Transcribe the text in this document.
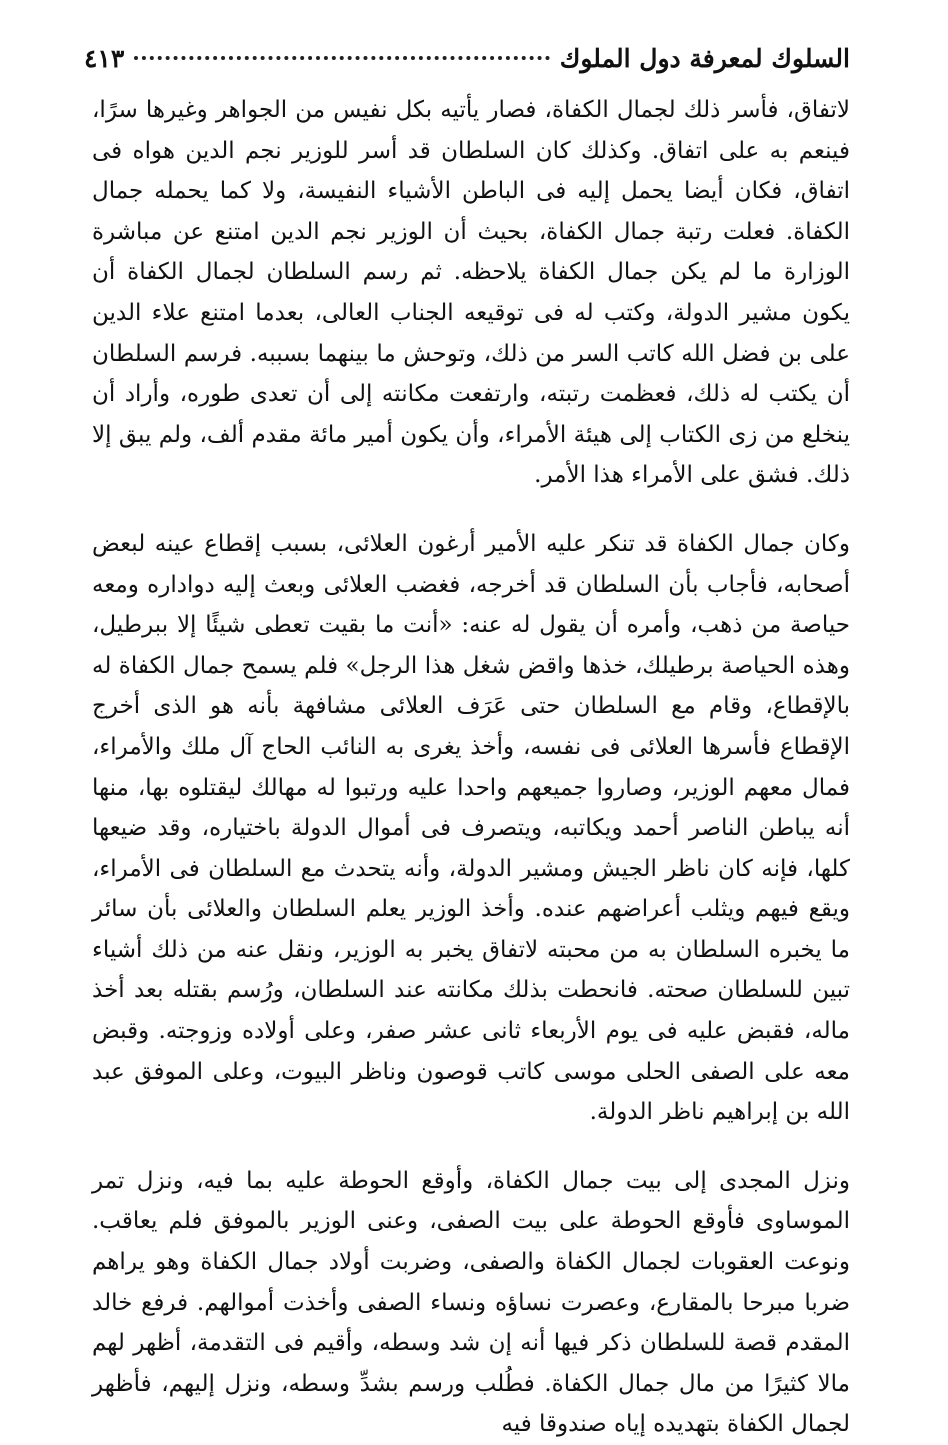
السلوك لمعرفة دول الملوك
٤١٣

لاتفاق، فأسر ذلك لجمال الكفاة، فصار يأتيه بكل نفيس من الجواهر وغيرها سرًا، فينعم به على اتفاق. وكذلك كان السلطان قد أسر للوزير نجم الدين هواه فى اتفاق، فكان أيضا يحمل إليه فى الباطن الأشياء النفيسة، ولا كما يحمله جمال الكفاة. فعلت رتبة جمال الكفاة، بحيث أن الوزير نجم الدين امتنع عن مباشرة الوزارة ما لم يكن جمال الكفاة يلاحظه. ثم رسم السلطان لجمال الكفاة أن يكون مشير الدولة، وكتب له فى توقيعه الجناب العالى، بعدما امتنع علاء الدين على بن فضل الله كاتب السر من ذلك، وتوحش ما بينهما بسببه. فرسم السلطان أن يكتب له ذلك، فعظمت رتبته، وارتفعت مكانته إلى أن تعدى طوره، وأراد أن ينخلع من زى الكتاب إلى هيئة الأمراء، وأن يكون أمير مائة مقدم ألف، ولم يبق إلا ذلك. فشق على الأمراء هذا الأمر.

وكان جمال الكفاة قد تنكر عليه الأمير أرغون العلائى، بسبب إقطاع عينه لبعض أصحابه، فأجاب بأن السلطان قد أخرجه، فغضب العلائى وبعث إليه دواداره ومعه حياصة من ذهب، وأمره أن يقول له عنه: «أنت ما بقيت تعطى شيئًا إلا ببرطيل، وهذه الحياصة برطيلك، خذها واقض شغل هذا الرجل» فلم يسمح جمال الكفاة له بالإقطاع، وقام مع السلطان حتى عَرَف العلائى مشافهة بأنه هو الذى أخرج الإقطاع فأسرها العلائى فى نفسه، وأخذ يغرى به النائب الحاج آل ملك والأمراء، فمال معهم الوزير، وصاروا جميعهم واحدا عليه ورتبوا له مهالك ليقتلوه بها، منها أنه يباطن الناصر أحمد ويكاتبه، ويتصرف فى أموال الدولة باختياره، وقد ضيعها كلها، فإنه كان ناظر الجيش ومشير الدولة، وأنه يتحدث مع السلطان فى الأمراء، ويقع فيهم ويثلب أعراضهم عنده. وأخذ الوزير يعلم السلطان والعلائى بأن سائر ما يخبره السلطان به من محبته لاتفاق يخبر به الوزير، ونقل عنه من ذلك أشياء تبين للسلطان صحته. فانحطت بذلك مكانته عند السلطان، ورُسم بقتله بعد أخذ ماله، فقبض عليه فى يوم الأربعاء ثانى عشر صفر، وعلى أولاده وزوجته. وقبض معه على الصفى الحلى موسى كاتب قوصون وناظر البيوت، وعلى الموفق عبد الله بن إبراهيم ناظر الدولة.

ونزل المجدى إلى بيت جمال الكفاة، وأوقع الحوطة عليه بما فيه، ونزل تمر الموساوى فأوقع الحوطة على بيت الصفى، وعنى الوزير بالموفق فلم يعاقب. ونوعت العقوبات لجمال الكفاة والصفى، وضربت أولاد جمال الكفاة وهو يراهم ضربا مبرحا بالمقارع، وعصرت نساؤه ونساء الصفى وأخذت أموالهم. فرفع خالد المقدم قصة للسلطان ذكر فيها أنه إن شد وسطه، وأقيم فى التقدمة، أظهر لهم مالا كثيرًا من مال جمال الكفاة. فطُلب ورسم بشدِّ وسطه، ونزل إليهم، فأظهر لجمال الكفاة بتهديده إياه صندوقا فيه
